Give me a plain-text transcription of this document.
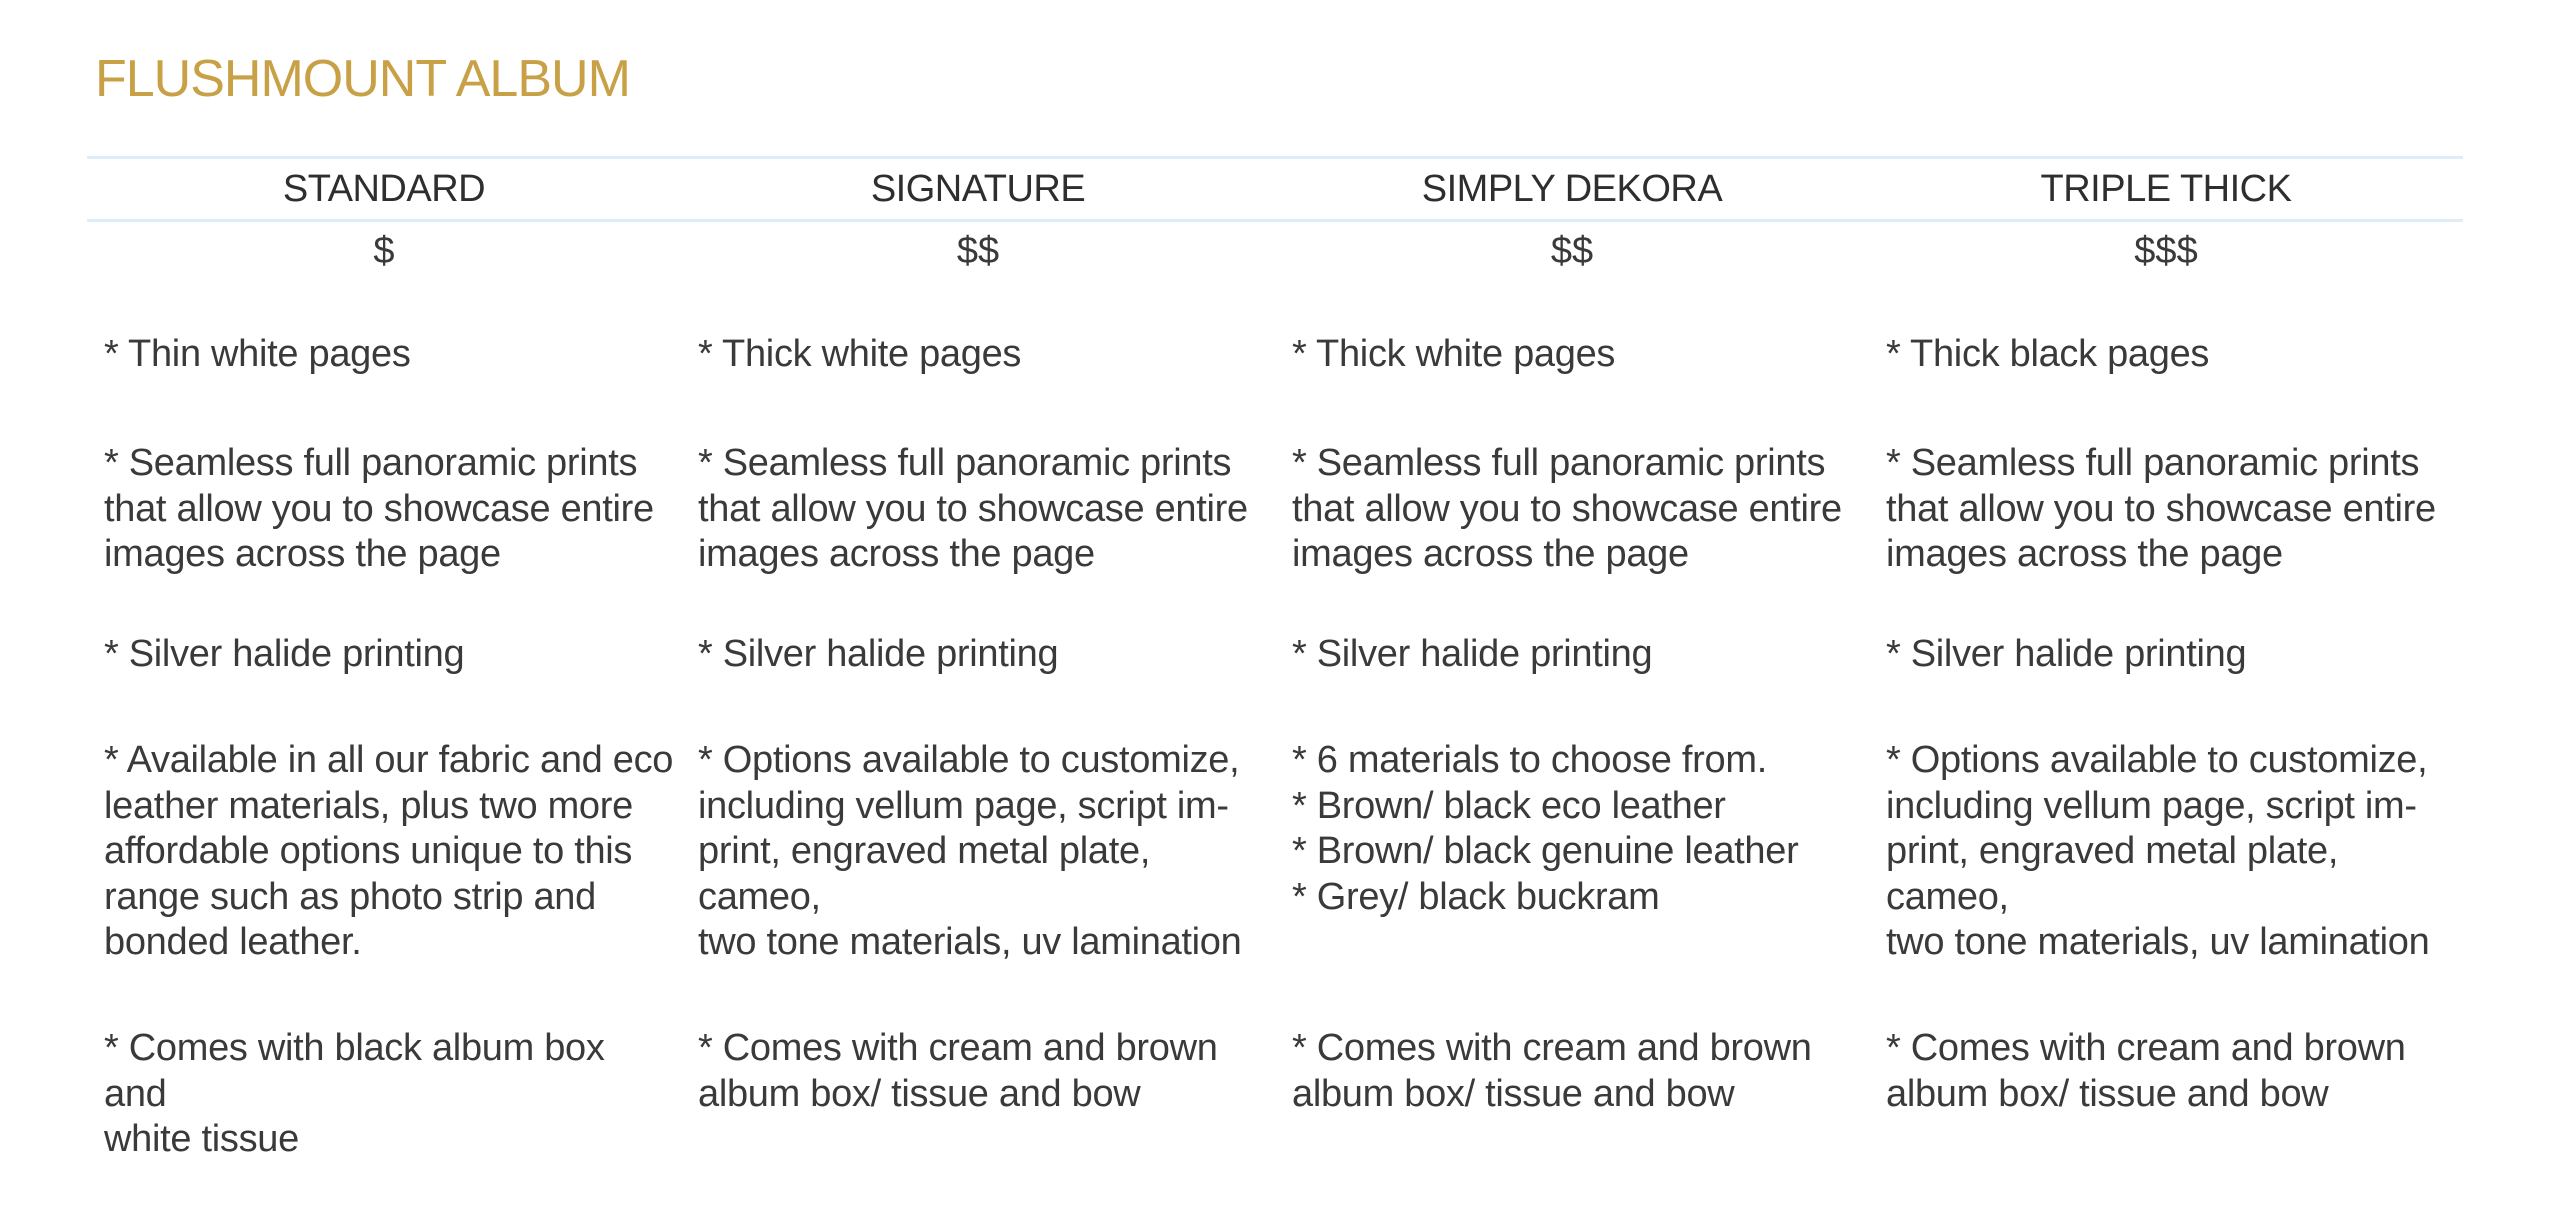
FLUSHMOUNT ALBUM
STANDARD
$
* Thin white pages
* Seamless full panoramic prints
that allow you to showcase entire
images across the page
* Silver halide printing
* Available in all our fabric and eco
leather materials, plus two more
affordable options unique to this
range such as photo strip and
bonded leather.
* Comes with black album box and
white tissue
SIGNATURE
$$
* Thick white pages
* Seamless full panoramic prints
that allow you to showcase entire
images across the page
* Silver halide printing
* Options available to customize,
including vellum page, script im-
print, engraved metal plate, cameo,
two tone materials, uv lamination
* Comes with cream and brown
album box/ tissue and bow
SIMPLY DEKORA
$$
* Thick white pages
* Seamless full panoramic prints
that allow you to showcase entire
images across the page
* Silver halide printing
* 6 materials to choose from.
* Brown/ black eco leather
* Brown/ black genuine leather
* Grey/ black buckram
* Comes with cream and brown
album box/ tissue and bow
TRIPLE THICK
$$$
* Thick black pages
* Seamless full panoramic prints
that allow you to showcase entire
images across the page
* Silver halide printing
* Options available to customize,
including vellum page, script im-
print, engraved metal plate, cameo,
two tone materials, uv lamination
* Comes with cream and brown
album box/ tissue and bow
